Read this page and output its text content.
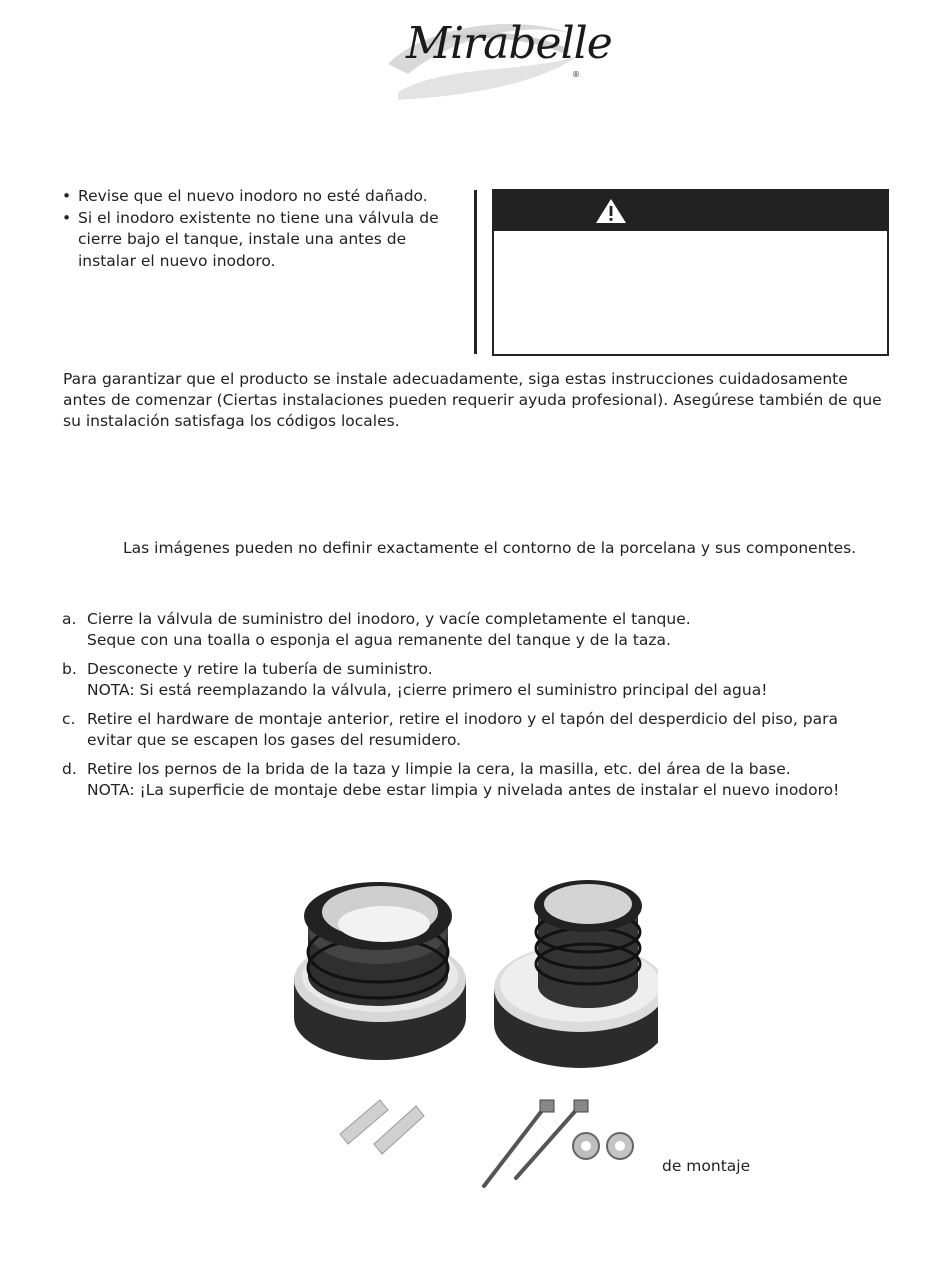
Mirabelle
®
• Revise que el nuevo inodoro no esté dañado.
• Si el inodoro existente no tiene una válvula de cierre bajo el tanque, instale una antes de instalar el nuevo inodoro.
Para garantizar que el producto se instale adecuadamente, siga estas instrucciones cuidadosamente antes de comenzar (Ciertas instalaciones pueden requerir ayuda profesional). Asegúrese también de que su instalación satisfaga los códigos locales.
Las imágenes pueden no definir exactamente el contorno de la porcelana y sus componentes.
a. Cierre la válvula de suministro del inodoro, y vacíe completamente el tanque.
Seque con una toalla o esponja el agua remanente del tanque y de la taza.
b. Desconecte y retire la tubería de suministro.
NOTA: Si está reemplazando la válvula, ¡cierre primero el suministro principal del agua!
c. Retire el hardware de montaje anterior, retire el inodoro y el tapón del desperdicio del piso, para evitar que se escapen los gases del resumidero.
d. Retire los pernos de la brida de la taza y limpie la cera, la masilla, etc. del área de la base.
NOTA: ¡La superficie de montaje debe estar limpia y nivelada antes de instalar el nuevo inodoro!
de montaje
